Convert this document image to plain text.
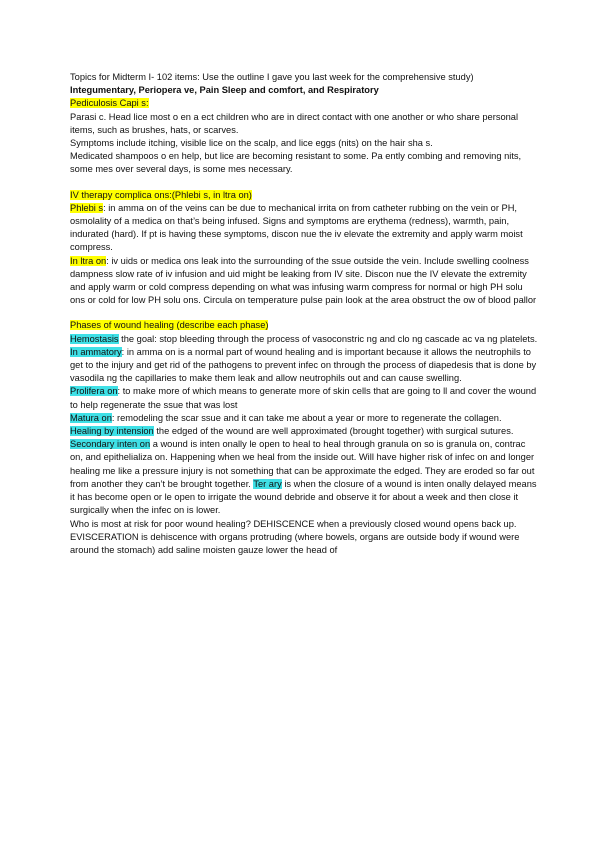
Topics for Midterm I- 102 items: Use the outline I gave you last week for the comprehensive study)

Integumentary, Periopera ve, Pain Sleep and comfort, and Respiratory

Pediculosis Capi s:

Parasi c. Head lice most o en a ect children who are in direct contact with one another or who share personal items, such as brushes, hats, or scarves.

Symptoms include itching, visible lice on the scalp, and lice eggs (nits) on the hair sha s.

Medicated shampoos o en help, but lice are becoming resistant to some. Pa ently combing and removing nits, some mes over several days, is some mes necessary.

IV therapy complica ons:(Phlebi s, in ltra on)

Phlebi s: in amma on of the veins can be due to mechanical irrita on from catheter rubbing on the vein or PH, osmolality of a medica on that’s being infused. Signs and symptoms are erythema (redness), warmth, pain, indurated (hard). If pt is having these symptoms, discon nue the iv elevate the extremity and apply warm moist compress.

In ltra on: iv uids or medica ons leak into the surrounding of the ssue outside the vein. Include swelling coolness dampness slow rate of iv infusion and uid might be leaking from IV site. Discon nue the IV elevate the extremity and apply warm or cold compress depending on what was infusing warm compress for normal or high PH solu ons or cold for low PH solu ons. Circula on temperature pulse pain look at the area obstruct the ow of blood pallor

Phases of wound healing (describe each phase)

Hemostasis the goal: stop bleeding through the process of vasoconstric ng and clo ng cascade ac va ng platelets.

In ammatory: in amma on is a normal part of wound healing and is important because it allows the neutrophils to get to the injury and get rid of the pathogens to prevent infec on through the process of diapedesis that is done by vasodila ng the capillaries to make them leak and allow neutrophils out and can cause swelling.

Prolifera on: to make more of which means to generate more of skin cells that are going to ll and cover the wound to help regenerate the ssue that was lost

Matura on: remodeling the scar ssue and it can take me about a year or more to regenerate the collagen.

Healing by intension the edged of the wound are well approximated (brought together) with surgical sutures. Secondary inten on a wound is inten onally le open to heal to heal through granula on so is granula on, contrac on, and epithelializa on. Happening when we heal from the inside out. Will have higher risk of infec on and longer healing me like a pressure injury is not something that can be approximate the edged. They are eroded so far out from another they can’t be brought together. Ter ary is when the closure of a wound is inten onally delayed means it has become open or le open to irrigate the wound debride and observe it for about a week and then close it surgically when the infec on is lower.

Who is most at risk for poor wound healing? DEHISCENCE when a previously closed wound opens back up. EVISCERATION is dehiscence with organs protruding (where bowels, organs are outside body if wound were around the stomach) add saline moisten gauze lower the head of
